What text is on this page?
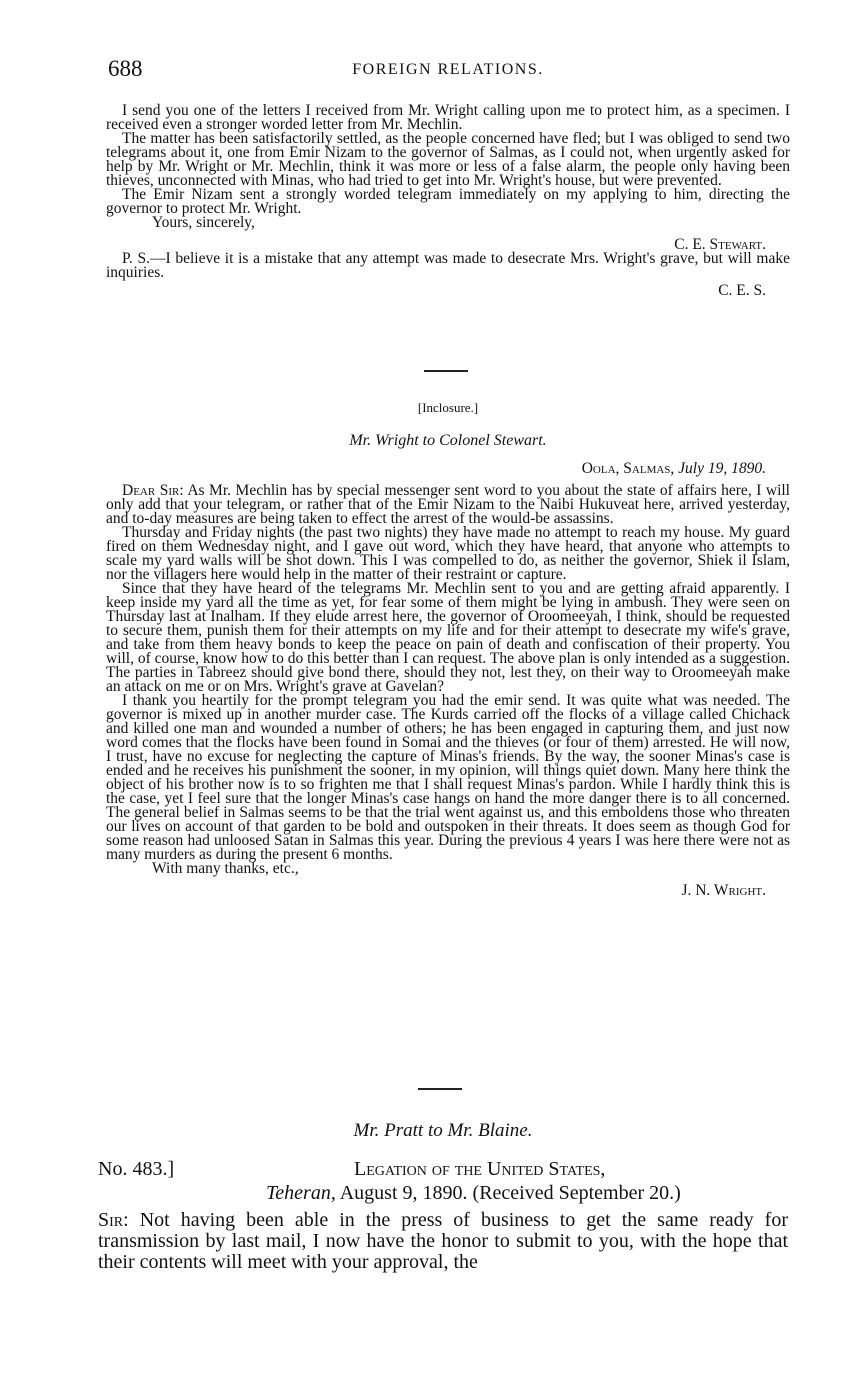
688	FOREIGN RELATIONS.

I send you one of the letters I received from Mr. Wright calling upon me to protect him, as a specimen. I received even a stronger worded letter from Mr. Mechlin.

The matter has been satisfactorily settled, as the people concerned have fled; but I was obliged to send two telegrams about it, one from Emir Nizam to the governor of Salmas, as I could not, when urgently asked for help by Mr. Wright or Mr. Mechlin, think it was more or less of a false alarm, the people only having been thieves, unconnected with Minas, who had tried to get into Mr. Wright's house, but were prevented.

The Emir Nizam sent a strongly worded telegram immediately on my applying to him, directing the governor to protect Mr. Wright.

Yours, sincerely,

C. E. Stewart.

P. S.—I believe it is a mistake that any attempt was made to desecrate Mrs. Wright's grave, but will make inquiries.

C. E. S.

[Inclosure.]
Mr. Wright to Colonel Stewart.
Oola, Salmas, July 19, 1890.

Dear Sir: As Mr. Mechlin has by special messenger sent word to you about the state of affairs here, I will only add that your telegram, or rather that of the Emir Nizam to the Naibi Hukuveat here, arrived yesterday, and to-day measures are being taken to effect the arrest of the would-be assassins.

Thursday and Friday nights (the past two nights) they have made no attempt to reach my house. My guard fired on them Wednesday night, and I gave out word, which they have heard, that anyone who attempts to scale my yard walls will be shot down. This I was compelled to do, as neither the governor, Shiek il Islam, nor the villagers here would help in the matter of their restraint or capture.

Since that they have heard of the telegrams Mr. Mechlin sent to you and are getting afraid apparently. I keep inside my yard all the time as yet, for fear some of them might be lying in ambush. They were seen on Thursday last at Inalham. If they elude arrest here, the governor of Oroomeeyah, I think, should be requested to secure them, punish them for their attempts on my life and for their attempt to desecrate my wife's grave, and take from them heavy bonds to keep the peace on pain of death and confiscation of their property. You will, of course, know how to do this better than I can request. The above plan is only intended as a suggestion. The parties in Tabreez should give bond there, should they not, lest they, on their way to Oroomeeyah make an attack on me or on Mrs. Wright's grave at Gavelan?

I thank you heartily for the prompt telegram you had the emir send. It was quite what was needed. The governor is mixed up in another murder case. The Kurds carried off the flocks of a village called Chichack and killed one man and wounded a number of others; he has been engaged in capturing them, and just now word comes that the flocks have been found in Somai and the thieves (or four of them) arrested. He will now, I trust, have no excuse for neglecting the capture of Minas's friends. By the way, the sooner Minas's case is ended and he receives his punishment the sooner, in my opinion, will things quiet down. Many here think the object of his brother now is to so frighten me that I shall request Minas's pardon. While I hardly think this is the case, yet I feel sure that the longer Minas's case hangs on hand the more danger there is to all concerned. The general belief in Salmas seems to be that the trial went against us, and this emboldens those who threaten our lives on account of that garden to be bold and outspoken in their threats. It does seem as though God for some reason had unloosed Satan in Salmas this year. During the previous 4 years I was here there were not as many murders as during the present 6 months.

With many thanks, etc.,

J. N. Wright.

Mr. Pratt to Mr. Blaine.
No. 483.]	Legation of the United States,
Teheran, August 9, 1890. (Received September 20.)

Sir: Not having been able in the press of business to get the same ready for transmission by last mail, I now have the honor to submit to you, with the hope that their contents will meet with your approval, the
